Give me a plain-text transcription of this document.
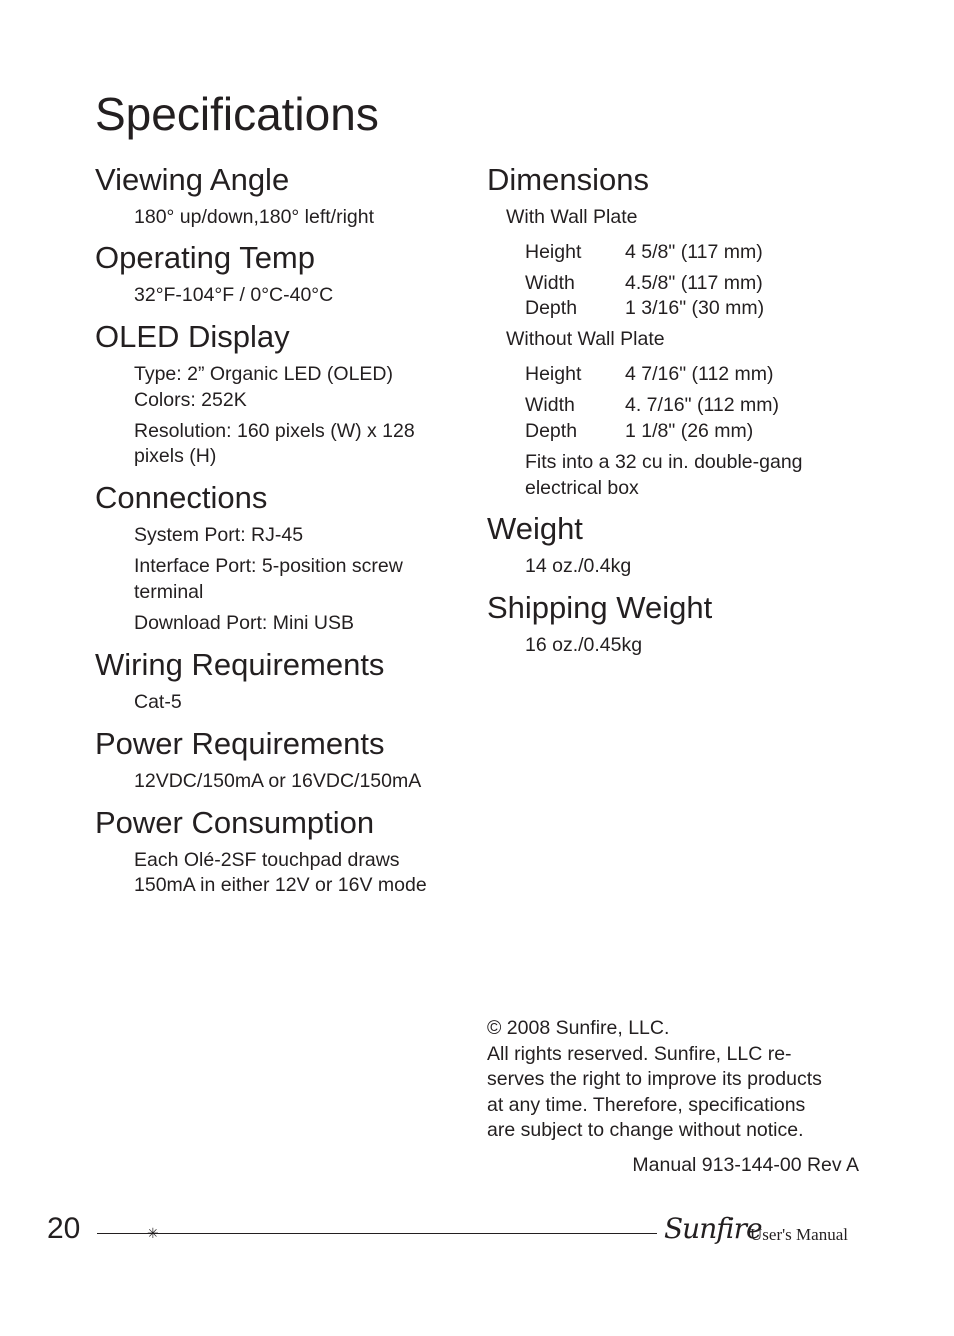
Specifications
Viewing Angle

180° up/down,180° left/right

Operating Temp

32°F-104°F / 0°C-40°C

OLED Display

Type: 2” Organic LED (OLED)

Colors: 252K

Resolution: 160 pixels (W) x 128

pixels (H)

Connections

System Port: RJ-45

Interface Port: 5-position screw

terminal

Download Port: Mini USB

Wiring Requirements

Cat-5

Power Requirements

12VDC/150mA or 16VDC/150mA

Power Consumption

Each Olé-2SF touchpad draws

150mA in either 12V or 16V mode

Dimensions

With Wall Plate

Height	4 5/8" (117 mm)
Width	4.5/8" (117 mm)
Depth	1 3/16" (30 mm)

Without Wall Plate

Height	4 7/16" (112 mm)
Width	4. 7/16" (112 mm)
Depth	1 1/8" (26 mm)

Fits into a 32 cu in. double-gang

electrical box

Weight

14 oz./0.4kg

Shipping Weight

16 oz./0.45kg

© 2008 Sunfire, LLC.

All rights reserved. Sunfire, LLC re-

serves the right to improve its products

at any time. Therefore, specifications

are subject to change without notice.

Manual 913-144-00 Rev A

20	✳	Sunfire
User's Manual
